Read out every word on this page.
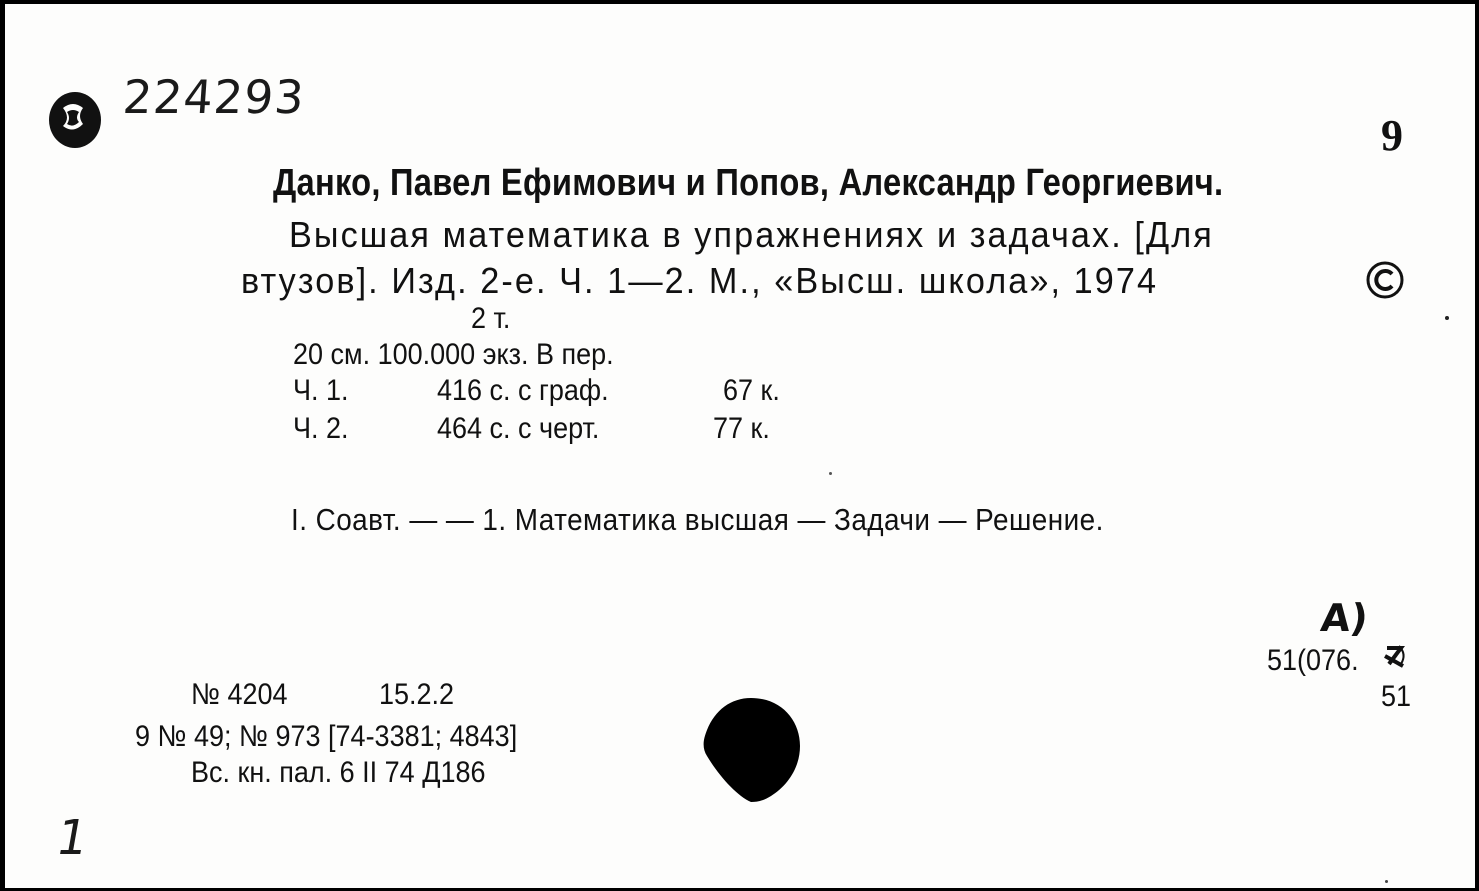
224293
9
Данко, Павел Ефимович и Попов, Александр Георгиевич.
Высшая математика в упражнениях и задачах. [Для
втузов]. Изд. 2-е. Ч. 1—2. М., «Высш. школа», 1974
2 т.
20 см. 100.000 экз. В пер.
Ч. 1.	416 с. с граф.	67 к.
Ч. 2.	464 с. с черт.	77 к.
I. Соавт. — — 1. Математика высшая — Задачи — Решение.
А)
51(076.
51
№ 4204	15.2.2
9 № 49; № 973 [74-3381; 4843]
Вс. кн. пал. 6 II 74 Д186
1
